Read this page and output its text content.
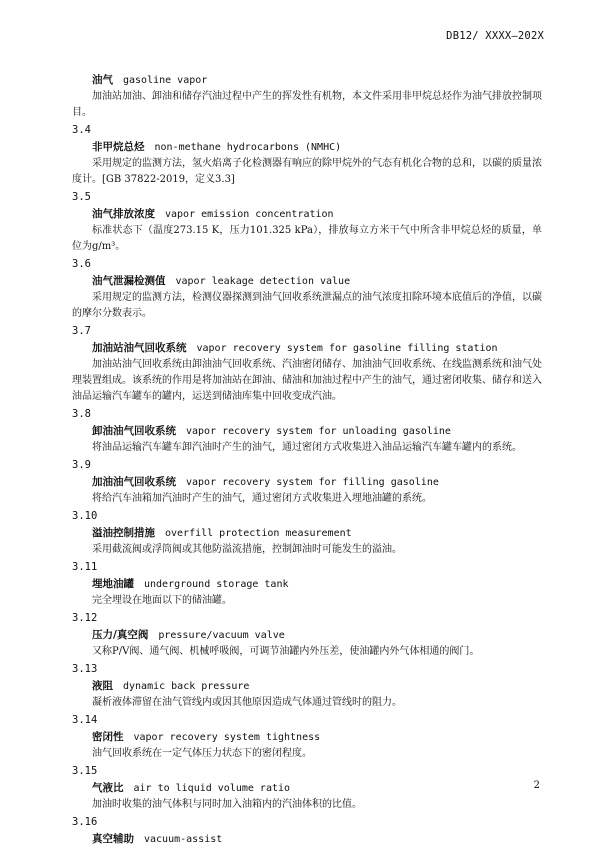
DB12/ XXXX—202X
油气 gasoline vapor

加油站加油、卸油和储存汽油过程中产生的挥发性有机物，本文件采用非甲烷总烃作为油气排放控制项目。

3.4
非甲烷总烃 non-methane hydrocarbons (NMHC)

采用规定的监测方法，氢火焰离子化检测器有响应的除甲烷外的气态有机化合物的总和，以碳的质量浓度计。[GB 37822-2019，定义3.3]

3.5
油气排放浓度 vapor emission concentration

标准状态下（温度273.15 K，压力101.325 kPa），排放每立方米干气中所含非甲烷总烃的质量，单位为g/m³。

3.6
油气泄漏检测值 vapor leakage detection value

采用规定的监测方法，检测仪器探测到油气回收系统泄漏点的油气浓度扣除环境本底值后的净值，以碳的摩尔分数表示。

3.7
加油站油气回收系统 vapor recovery system for gasoline filling station

加油站油气回收系统由卸油油气回收系统、汽油密闭储存、加油油气回收系统、在线监测系统和油气处理装置组成。该系统的作用是将加油站在卸油、储油和加油过程中产生的油气，通过密闭收集、储存和送入油品运输汽车罐车的罐内，运送到储油库集中回收变成汽油。

3.8
卸油油气回收系统 vapor recovery system for unloading gasoline

将油品运输汽车罐车卸汽油时产生的油气，通过密闭方式收集进入油品运输汽车罐车罐内的系统。

3.9
加油油气回收系统 vapor recovery system for filling gasoline

将给汽车油箱加汽油时产生的油气，通过密闭方式收集进入埋地油罐的系统。

3.10
溢油控制措施 overfill protection measurement

采用截流阀或浮筒阀或其他防溢流措施，控制卸油时可能发生的溢油。

3.11
埋地油罐 underground storage tank

完全埋设在地面以下的储油罐。

3.12
压力/真空阀 pressure/vacuum valve

又称P/V阀、通气阀、机械呼吸阀，可调节油罐内外压差，使油罐内外气体相通的阀门。

3.13
液阻 dynamic back pressure

凝析液体滞留在油气管线内或因其他原因造成气体通过管线时的阻力。

3.14
密闭性 vapor recovery system tightness

油气回收系统在一定气体压力状态下的密闭程度。

3.15
气液比 air to liquid volume ratio

加油时收集的油气体积与同时加入油箱内的汽油体积的比值。

3.16
真空辅助 vacuum-assist
2
